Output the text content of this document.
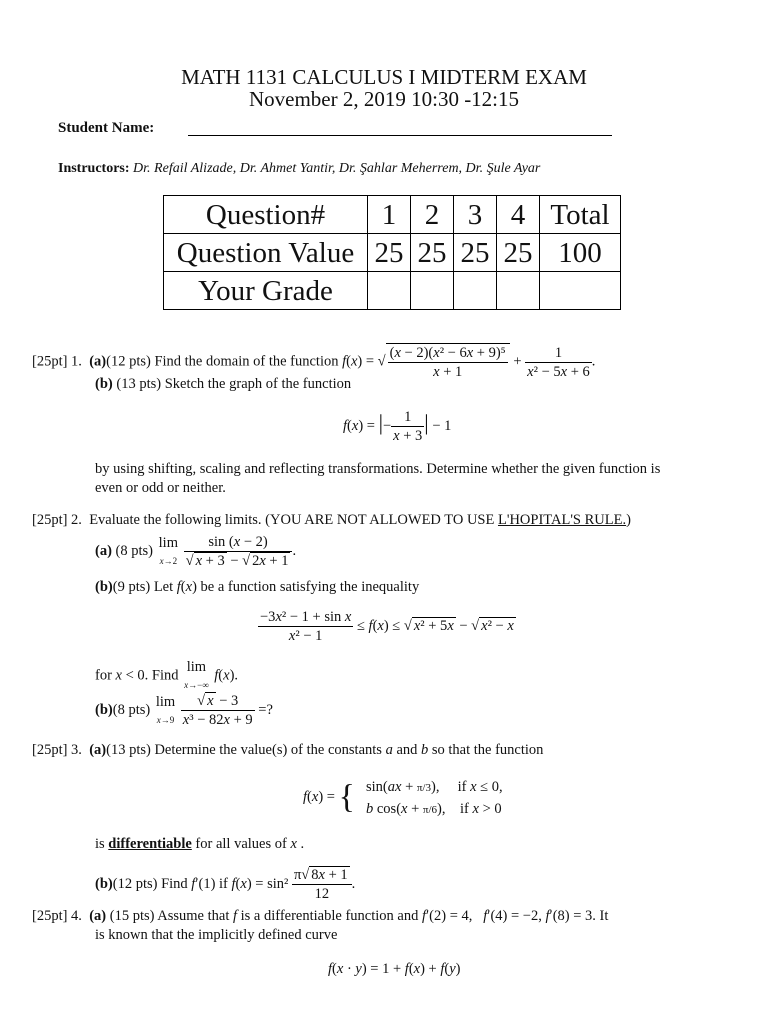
MATH 1131 CALCULUS I MIDTERM EXAM
November 2, 2019 10:30 -12:15
Student Name:
Instructors: Dr. Refail Alizade, Dr. Ahmet Yantir, Dr. Şahlar Meherrem, Dr. Şule Ayar
Question#	1	2	3	4	Total
Question Value	25	25	25	25	100
Your Grade					
[25pt] 1. (a)(12 pts) Find the domain of the function f(x) = √ $\frac{\text{(x − 2)(x² − 6x + 9)⁵}}{x + 1} + \frac{1}{\text{x² − 5x + 6}}$ .
(b) (13 pts) Sketch the graph of the function
f(x) = |− $\frac{1}{x + 3}$ | − 1
by using shifting, scaling and reflecting transformations. Determine whether the given function is
even or odd or neither.
[25pt] 2. Evaluate the following limits. (YOU ARE NOT ALLOWED TO USE L'HOPITAL'S RULE.)
(a) (8 pts)
lim
x→2
$\frac{\sin (x - 2)}{√ x + 3 - √ 2x + 1}$ .
(b)(9 pts) Let f(x) be a function satisfying the inequality
$\frac{\text{−3x² − 1 + sin x}}{\text{x² − 1}} \le f(x)$ ≤ √ x² + 5x − √ x² − x
for x < 0. Find
lim
x→−∞
f(x).
(b)(8 pts)
lim
x→9
$\frac{√ x - 3}{\text{x³ − 82x + 9}}$ =?
[25pt] 3. (a)(13 pts) Determine the value(s) of the constants a and b so that the function
f(x) = { sin(ax + π/3),     if x ≤ 0,
b cos(x + π/6),    if x > 0
is differentiable for all values of x .
(b)(12 pts) Find f′(1) if $f(x) = \sin^2 \frac{\pi√ 8x + 1}{12}$ .
[25pt] 4. (a) (15 pts) Assume that f is a differentiable function and f′(2) = 4,   f′(4) = −2, f′(8) = 3. It
is known that the implicitly defined curve
f(x · y) = 1 + f(x) + f(y)
